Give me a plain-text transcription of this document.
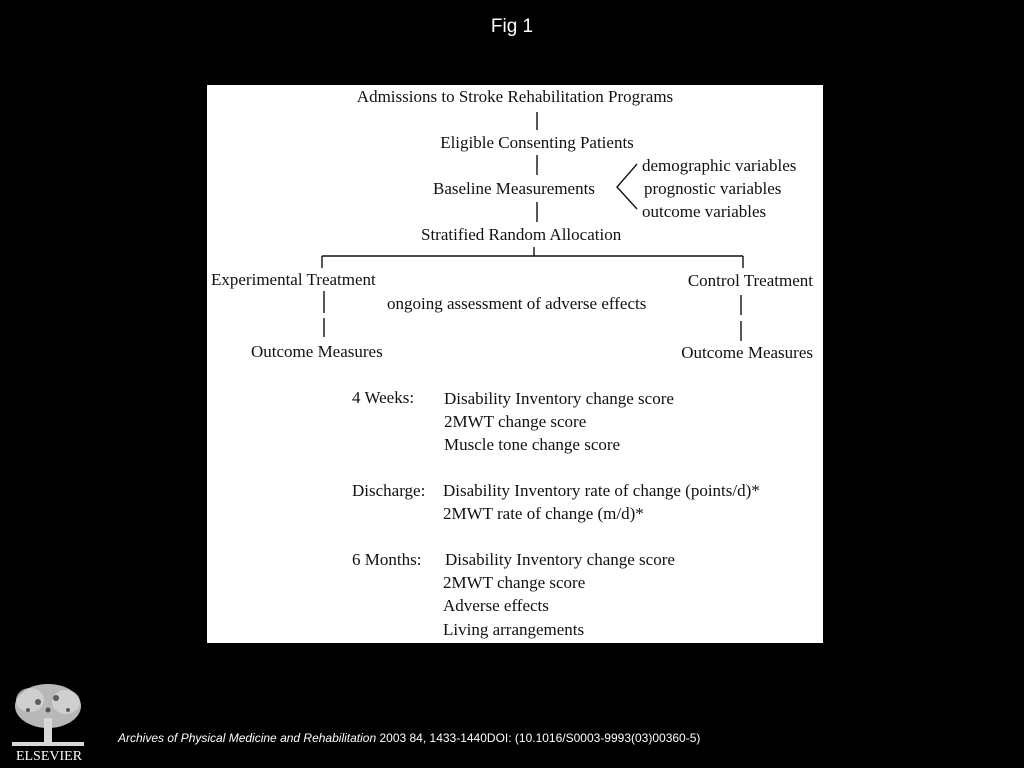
Fig 1
Admissions to Stroke Rehabilitation Programs
Eligible Consenting Patients
Baseline Measurements
demographic variables
prognostic variables
outcome variables
Stratified Random Allocation
Experimental Treatment	Control Treatment
ongoing assessment of adverse effects
Outcome Measures	Outcome Measures
4 Weeks: Disability Inventory change score
2MWT change score
Muscle tone change score
Discharge: Disability Inventory rate of change (points/d)*
2MWT rate of change (m/d)*
6 Months: Disability Inventory change score
2MWT change score
Adverse effects
Living arrangements
ELSEVIER
Archives of Physical Medicine and Rehabilitation 2003 84, 1433-1440DOI: (10.1016/S0003-9993(03)00360-5)
